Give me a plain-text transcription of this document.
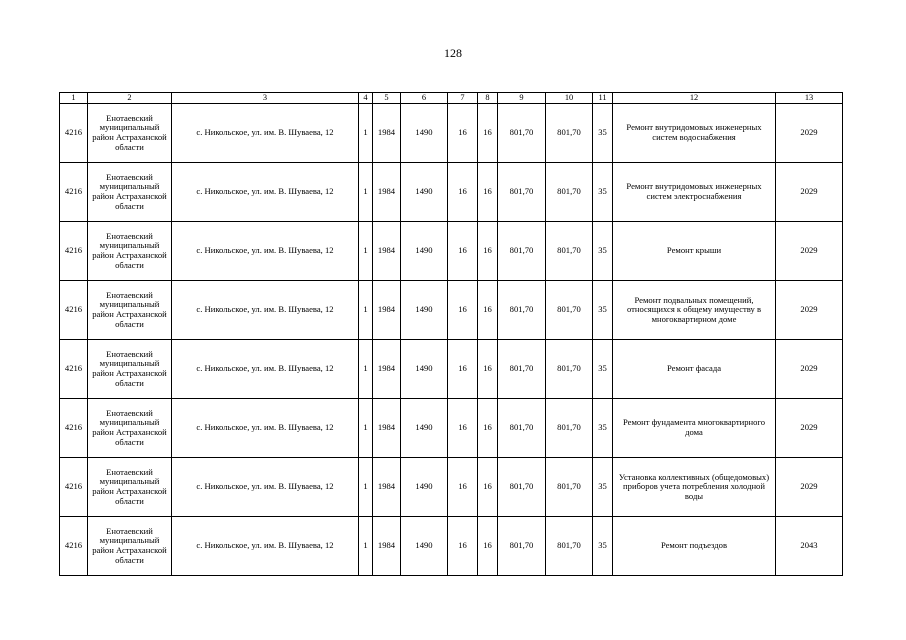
128
1	2	3	4	5	6	7	8	9	10	11	12	13
4216	Енотаевский муниципальный район Астраханской области	с. Никольское, ул. им. В. Шуваева, 12	1	1984	1490	16	16	801,70	801,70	35	Ремонт внутридомовых инженерных систем водоснабжения	2029
4216	Енотаевский муниципальный район Астраханской области	с. Никольское, ул. им. В. Шуваева, 12	1	1984	1490	16	16	801,70	801,70	35	Ремонт внутридомовых инженерных систем электроснабжения	2029
4216	Енотаевский муниципальный район Астраханской области	с. Никольское, ул. им. В. Шуваева, 12	1	1984	1490	16	16	801,70	801,70	35	Ремонт крыши	2029
4216	Енотаевский муниципальный район Астраханской области	с. Никольское, ул. им. В. Шуваева, 12	1	1984	1490	16	16	801,70	801,70	35	Ремонт подвальных помещений, относящихся к общему имуществу в многоквартирном доме	2029
4216	Енотаевский муниципальный район Астраханской области	с. Никольское, ул. им. В. Шуваева, 12	1	1984	1490	16	16	801,70	801,70	35	Ремонт фасада	2029
4216	Енотаевский муниципальный район Астраханской области	с. Никольское, ул. им. В. Шуваева, 12	1	1984	1490	16	16	801,70	801,70	35	Ремонт фундамента многоквартирного дома	2029
4216	Енотаевский муниципальный район Астраханской области	с. Никольское, ул. им. В. Шуваева, 12	1	1984	1490	16	16	801,70	801,70	35	Установка коллективных (общедомовых) приборов учета потребления холодной воды	2029
4216	Енотаевский муниципальный район Астраханской области	с. Никольское, ул. им. В. Шуваева, 12	1	1984	1490	16	16	801,70	801,70	35	Ремонт подъездов	2043
